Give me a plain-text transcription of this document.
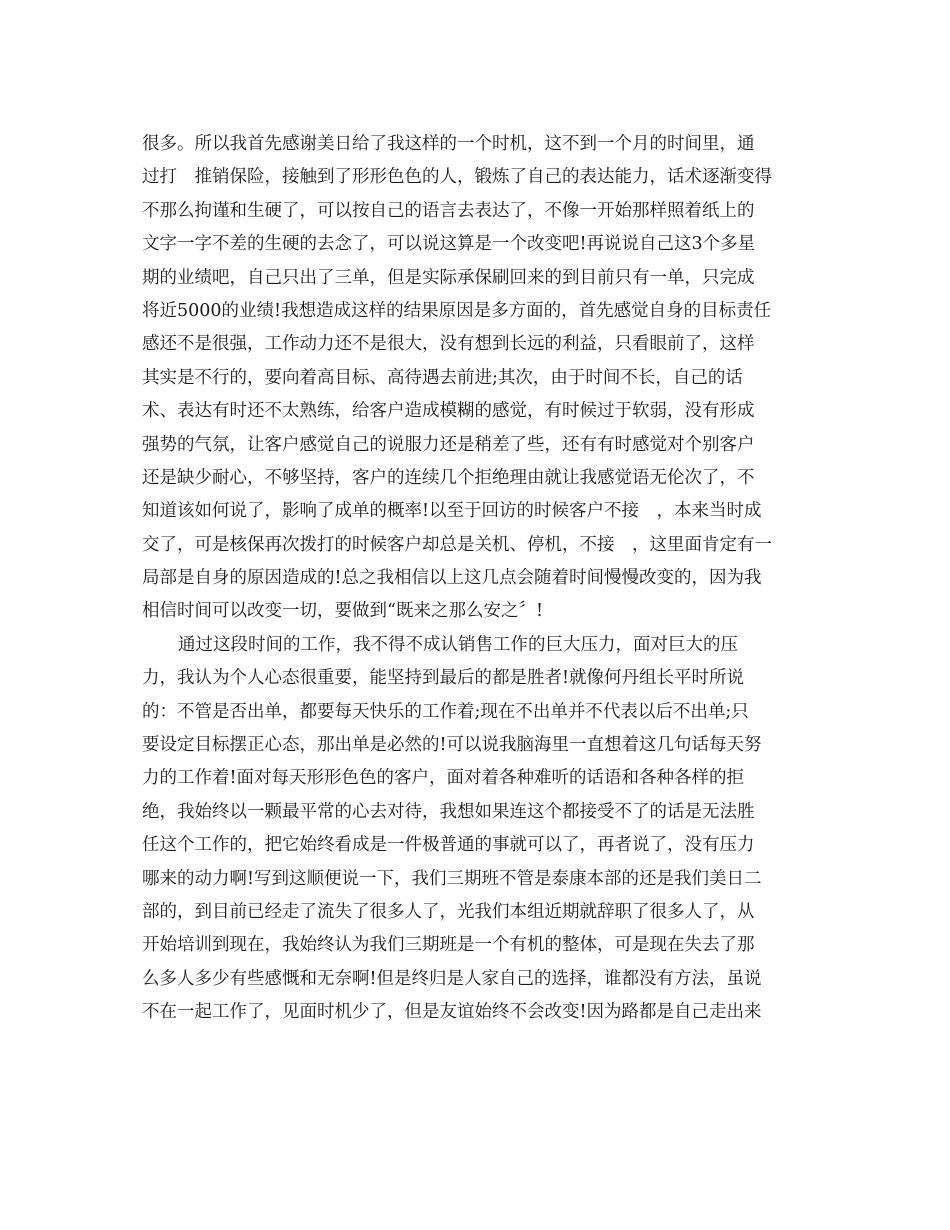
很多。所以我首先感谢美日给了我这样的一个时机，这不到一个月的时间里，通
过打　推销保险，接触到了形形色色的人，锻炼了自己的表达能力，话术逐渐变得
不那么拘谨和生硬了，可以按自己的语言去表达了，不像一开始那样照着纸上的
文字一字不差的生硬的去念了，可以说这算是一个改变吧!再说说自己这3个多星
期的业绩吧，自己只出了三单，但是实际承保刷回来的到目前只有一单，只完成
将近5000的业绩!我想造成这样的结果原因是多方面的，首先感觉自身的目标责任
感还不是很强，工作动力还不是很大，没有想到长远的利益，只看眼前了，这样
其实是不行的，要向着高目标、高待遇去前进;其次，由于时间不长，自己的话
术、表达有时还不太熟练，给客户造成模糊的感觉，有时候过于软弱，没有形成
强势的气氛，让客户感觉自己的说服力还是稍差了些，还有有时感觉对个别客户
还是缺少耐心，不够坚持，客户的连续几个拒绝理由就让我感觉语无伦次了，不
知道该如何说了，影响了成单的概率!以至于回访的时候客户不接　，本来当时成
交了，可是核保再次拨打的时候客户却总是关机、停机，不接　，这里面肯定有一
局部是自身的原因造成的!总之我相信以上这几点会随着时间慢慢改变的，因为我
相信时间可以改变一切，要做到“既来之那么安之〞!
通过这段时间的工作，我不得不成认销售工作的巨大压力，面对巨大的压
力，我认为个人心态很重要，能坚持到最后的都是胜者!就像何丹组长平时所说
的：不管是否出单，都要每天快乐的工作着;现在不出单并不代表以后不出单;只
要设定目标摆正心态，那出单是必然的!可以说我脑海里一直想着这几句话每天努
力的工作着!面对每天形形色色的客户，面对着各种难听的话语和各种各样的拒
绝，我始终以一颗最平常的心去对待，我想如果连这个都接受不了的话是无法胜
任这个工作的，把它始终看成是一件极普通的事就可以了，再者说了，没有压力
哪来的动力啊!写到这顺便说一下，我们三期班不管是泰康本部的还是我们美日二
部的，到目前已经走了流失了很多人了，光我们本组近期就辞职了很多人了，从
开始培训到现在，我始终认为我们三期班是一个有机的整体，可是现在失去了那
么多人多少有些感慨和无奈啊!但是终归是人家自己的选择，谁都没有方法，虽说
不在一起工作了，见面时机少了，但是友谊始终不会改变!因为路都是自己走出来
